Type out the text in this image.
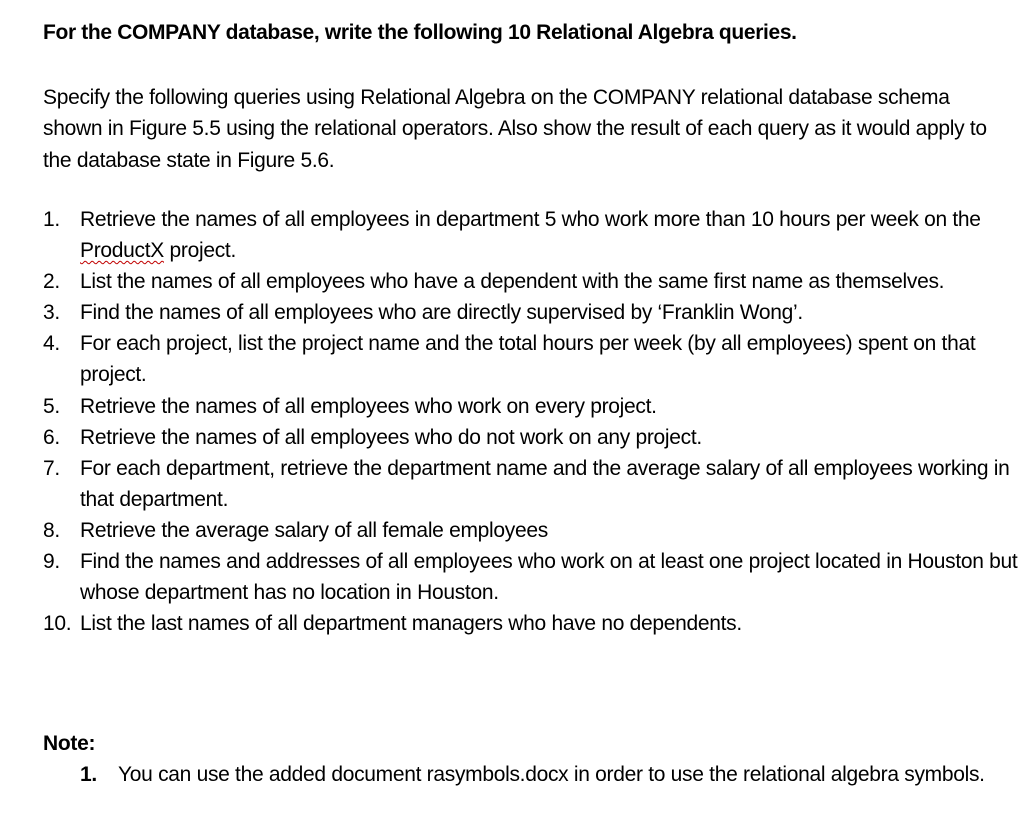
For the COMPANY database, write the following 10 Relational Algebra queries.

Specify the following queries using Relational Algebra on the COMPANY relational database schema shown in Figure 5.5 using the relational operators. Also show the result of each query as it would apply to the database state in Figure 5.6.

1. Retrieve the names of all employees in department 5 who work more than 10 hours per week on the ProductX project.
2. List the names of all employees who have a dependent with the same first name as themselves.
3. Find the names of all employees who are directly supervised by ‘Franklin Wong’.
4. For each project, list the project name and the total hours per week (by all employees) spent on that project.
5. Retrieve the names of all employees who work on every project.
6. Retrieve the names of all employees who do not work on any project.
7. For each department, retrieve the department name and the average salary of all employees working in that department.
8. Retrieve the average salary of all female employees
9. Find the names and addresses of all employees who work on at least one project located in Houston but whose department has no location in Houston.
10. List the last names of all department managers who have no dependents.
Note:
1.	You can use the added document rasymbols.docx in order to use the relational algebra symbols.
